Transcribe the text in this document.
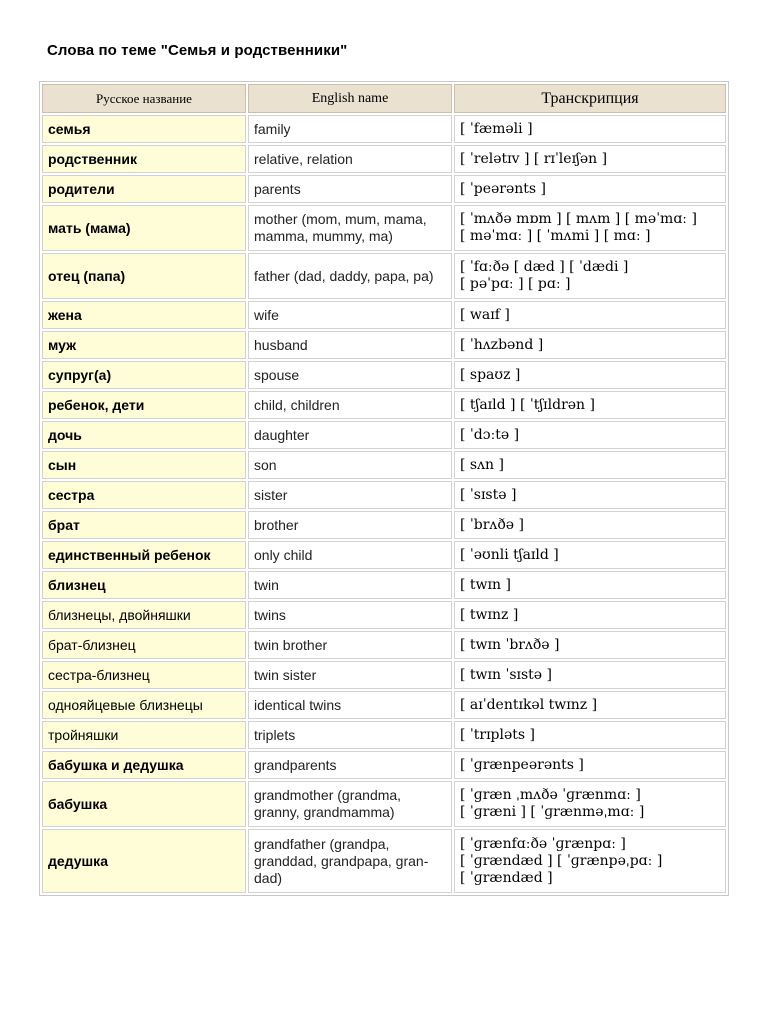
Слова по теме "Семья и родственники"
Русское название	English name	Транскрипция
семья	family	[ ˈfæməli ]

родственник	relative, relation	[ ˈrelətɪv ] [ rɪˈleɪʃən ]

родители	parents	[ ˈpeərənts ]

мать (мама)	mother (mom, mum, mama, mamma, mummy, ma)	[ ˈmʌðə mɒm ] [ mʌm ] [ məˈmɑː ]
[ məˈmɑː ] [ ˈmʌmi ] [ mɑː ]

отец (папа)	father (dad, daddy, papa, pa)	[ ˈfɑːðə [ dæd ] [ ˈdædi ]
[ pəˈpɑː ] [ pɑː ]

жена	wife	[ waɪf ]

муж	husband	[ ˈhʌzbənd ]

супруг(а)	spouse	[ spaʊz ]

ребенок, дети	child, children	[ tʃaɪld ] [ ˈtʃɪldrən ]

дочь	daughter	[ ˈdɔːtə ]

сын	son	[ sʌn ]

сестра	sister	[ ˈsɪstə ]

брат	brother	[ ˈbrʌðə ]

единственный ребенок	only child	[ ˈəʊnli tʃaɪld ]

близнец	twin	[ twɪn ]

близнецы, двойняшки	twins	[ twɪnz ]

брат-близнец	twin brother	[ twɪn ˈbrʌðə ]

сестра-близнец	twin sister	[ twɪn ˈsɪstə ]

однояйцевые близнецы	identical twins	[ aɪˈdentɪkəl twɪnz ]

тройняшки	triplets	[ ˈtrɪpləts ]

бабушка и дедушка	grandparents	[ ˈɡrænpeərənts ]

бабушка	grandmother (grandma, granny, grandmamma)	[ ˈɡræn ˌmʌðə ˈɡrænmɑː ]
[ ˈɡræni ] [ ˈɡrænməˌmɑː ]

дедушка	grandfather (grandpa, granddad, grandpapa, gran-dad)	[ ˈɡrænfɑːðə ˈɡrænpɑː ]
[ ˈɡrændæd ] [ ˈɡrænpəˌpɑː ]
[ ˈɡrændæd ]
